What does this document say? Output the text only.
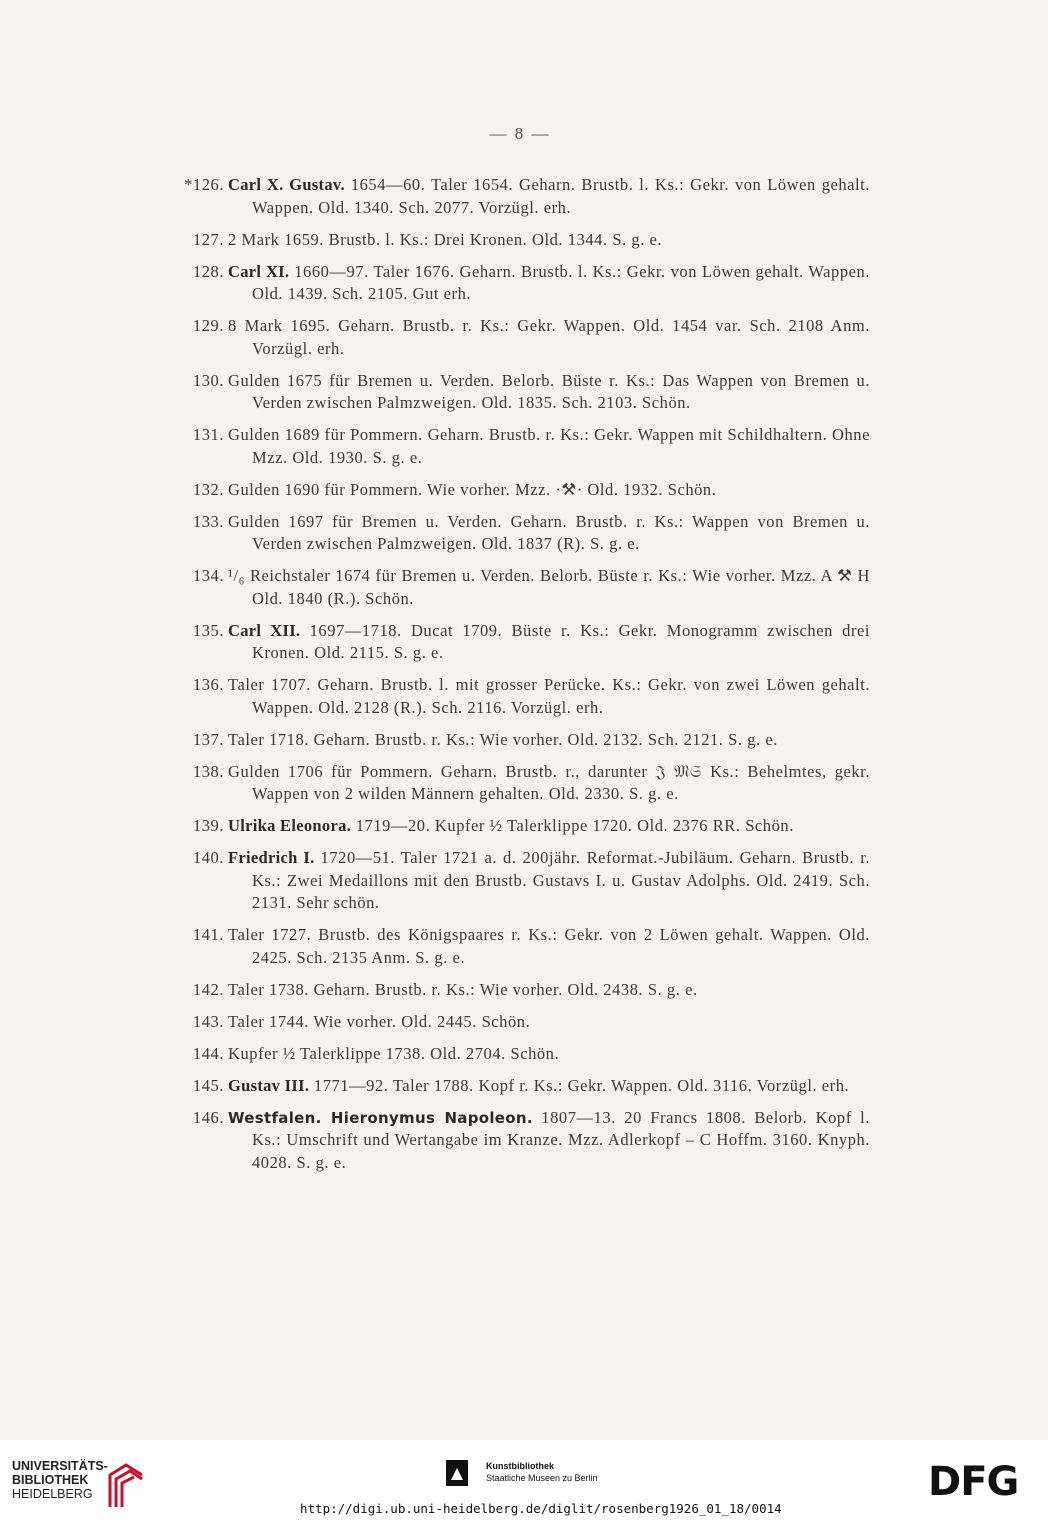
— 8 —
*126. Carl X. Gustav. 1654—60. Taler 1654. Geharn. Brustb. l. Ks.: Gekr. von Löwen gehalt. Wappen. Old. 1340. Sch. 2077. Vorzügl. erh.
127. 2 Mark 1659. Brustb. l. Ks.: Drei Kronen. Old. 1344. S. g. e.
128. Carl XI. 1660—97. Taler 1676. Geharn. Brustb. l. Ks.: Gekr. von Löwen gehalt. Wappen. Old. 1439. Sch. 2105. Gut erh.
129. 8 Mark 1695. Geharn. Brustb. r. Ks.: Gekr. Wappen. Old. 1454 var. Sch. 2108 Anm. Vorzügl. erh.
130. Gulden 1675 für Bremen u. Verden. Belorb. Büste r. Ks.: Das Wappen von Bremen u. Verden zwischen Palmzweigen. Old. 1835. Sch. 2103. Schön.
131. Gulden 1689 für Pommern. Geharn. Brustb. r. Ks.: Gekr. Wappen mit Schildhaltern. Ohne Mzz. Old. 1930. S. g. e.
132. Gulden 1690 für Pommern. Wie vorher. Mzz. ·⚒· Old. 1932. Schön.
133. Gulden 1697 für Bremen u. Verden. Geharn. Brustb. r. Ks.: Wappen von Bremen u. Verden zwischen Palmzweigen. Old. 1837 (R). S. g. e.
134. ¹/₆ Reichstaler 1674 für Bremen u. Verden. Belorb. Büste r. Ks.: Wie vorher. Mzz. A ⚒ H Old. 1840 (R.). Schön.
135. Carl XII. 1697—1718. Ducat 1709. Büste r. Ks.: Gekr. Monogramm zwischen drei Kronen. Old. 2115. S. g. e.
136. Taler 1707. Geharn. Brustb. l. mit grosser Perücke. Ks.: Gekr. von zwei Löwen gehalt. Wappen. Old. 2128 (R.). Sch. 2116. Vorzügl. erh.
137. Taler 1718. Geharn. Brustb. r. Ks.: Wie vorher. Old. 2132. Sch. 2121. S. g. e.
138. Gulden 1706 für Pommern. Geharn. Brustb. r., darunter 𝔍 𝔐𝔖 Ks.: Behelmtes, gekr. Wappen von 2 wilden Männern gehalten. Old. 2330. S. g. e.
139. Ulrika Eleonora. 1719—20. Kupfer ½ Talerklippe 1720. Old. 2376 RR. Schön.
140. Friedrich I. 1720—51. Taler 1721 a. d. 200jähr. Reformat.-Jubiläum. Geharn. Brustb. r. Ks.: Zwei Medaillons mit den Brustb. Gustavs I. u. Gustav Adolphs. Old. 2419. Sch. 2131. Sehr schön.
141. Taler 1727. Brustb. des Königspaares r. Ks.: Gekr. von 2 Löwen gehalt. Wappen. Old. 2425. Sch. 2135 Anm. S. g. e.
142. Taler 1738. Geharn. Brustb. r. Ks.: Wie vorher. Old. 2438. S. g. e.
143. Taler 1744. Wie vorher. Old. 2445. Schön.
144. Kupfer ½ Talerklippe 1738. Old. 2704. Schön.
145. Gustav III. 1771—92. Taler 1788. Kopf r. Ks.: Gekr. Wappen. Old. 3116. Vorzügl. erh.
146. Westfalen. Hieronymus Napoleon. 1807—13. 20 Francs 1808. Belorb. Kopf l. Ks.: Umschrift und Wertangabe im Kranze. Mzz. Adlerkopf – C Hoffm. 3160. Knyph. 4028. S. g. e.
UNIVERSITÄTS-
BIBLIOTHEK
HEIDELBERG
Kunstbibliothek
Staatliche Museen zu Berlin	DFG
http://digi.ub.uni-heidelberg.de/diglit/rosenberg1926_01_18/0014
